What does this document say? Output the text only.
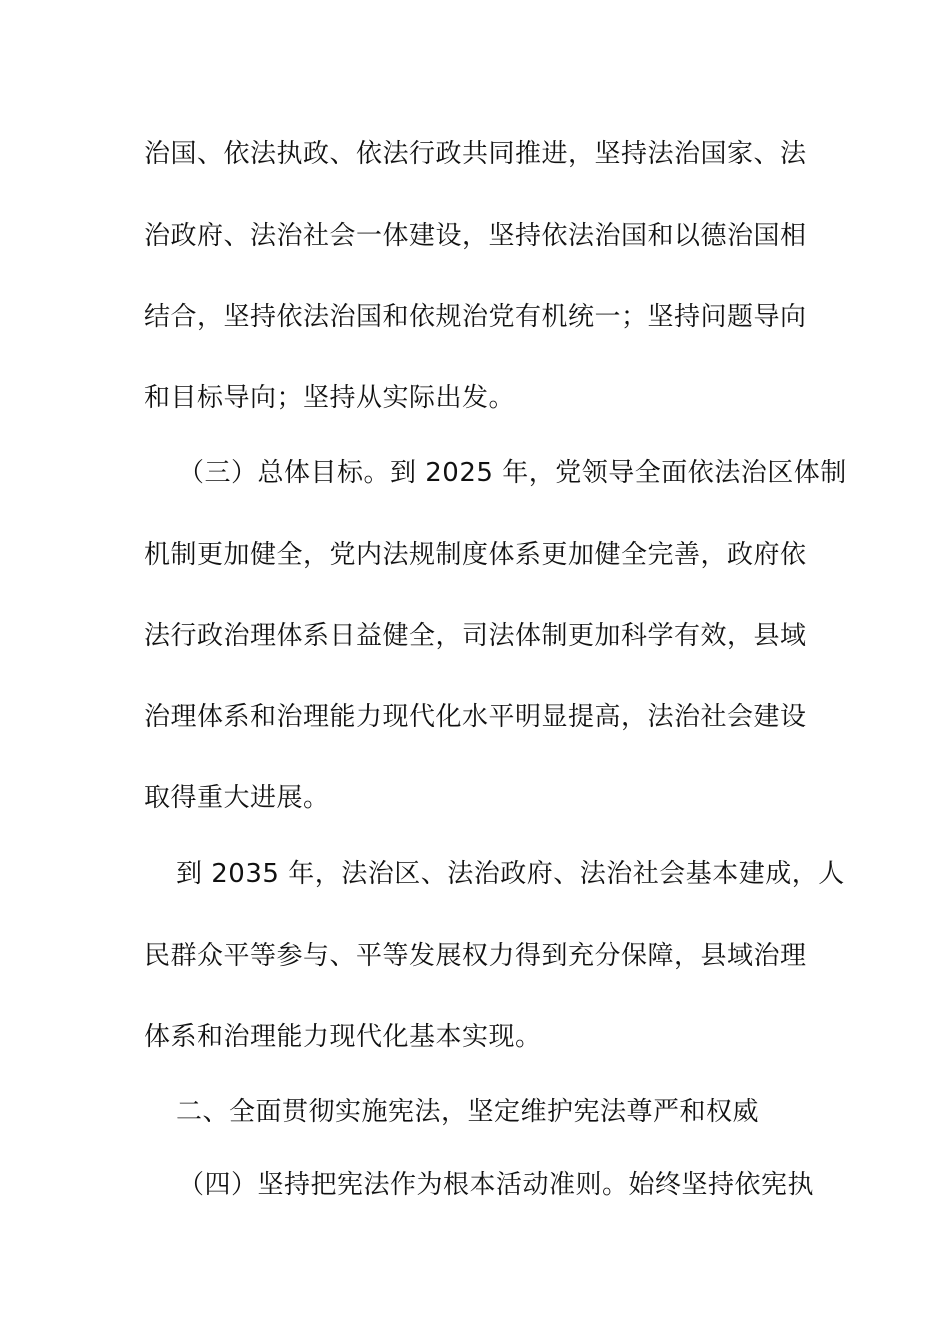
治国、依法执政、依法行政共同推进，坚持法治国家、法
治政府、法治社会一体建设，坚持依法治国和以德治国相
结合，坚持依法治国和依规治党有机统一；坚持问题导向
和目标导向；坚持从实际出发。
（三）总体目标。到 2025 年，党领导全面依法治区体制
机制更加健全，党内法规制度体系更加健全完善，政府依
法行政治理体系日益健全，司法体制更加科学有效，县域
治理体系和治理能力现代化水平明显提高，法治社会建设
取得重大进展。
到 2035 年，法治区、法治政府、法治社会基本建成，人
民群众平等参与、平等发展权力得到充分保障，县域治理
体系和治理能力现代化基本实现。
二、全面贯彻实施宪法，坚定维护宪法尊严和权威
（四）坚持把宪法作为根本活动准则。始终坚持依宪执
